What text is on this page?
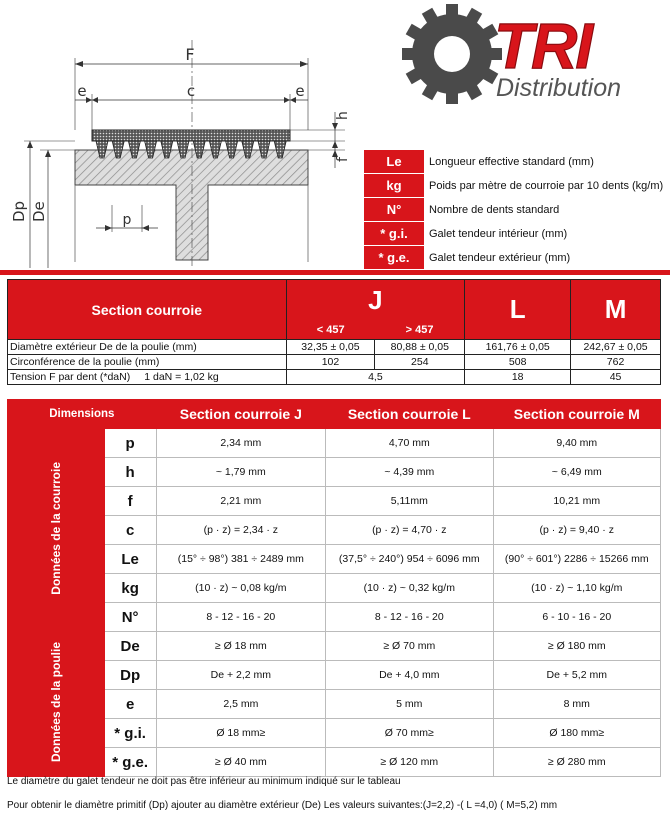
F
e	c	e
h
f
p
Dp De
TRI
Distribution
Le	Longueur effective standard (mm)
kg	Poids par mètre de courroie par 10 dents (kg/m)
N°	Nombre de dents standard
* g.i.	Galet tendeur intérieur (mm)
* g.e.	Galet tendeur extérieur (mm)
Section courroie	J		L	M
	< 457	> 457		
Diamètre extérieur De de la poulie (mm)	32,35 ± 0,05	80,88 ± 0,05	161,76 ± 0,05	242,67 ± 0,05
Circonférence de la poulie (mm)	102	254	508	762
Tension F par dent (*daN) 1 daN = 1,02 kg	4,5		18	45
Dimensions		Section courroie J	Section courroie L	Section courroie M
Données de la courroie	p	2,34 mm	4,70 mm	9,40 mm
	h	~ 1,79 mm	~ 4,39 mm	~ 6,49 mm
	f	2,21 mm	5,11mm	10,21 mm
	c	(p · z) = 2,34 · z	(p · z) = 4,70 · z	(p · z) = 9,40 · z
	Le	(15° ÷ 98°) 381 ÷ 2489 mm	(37,5° ÷ 240°) 954 ÷ 6096 mm	(90° ÷ 601°) 2286 ÷ 15266 mm
	kg	(10 · z) ~ 0,08 kg/m	(10 · z) ~ 0,32 kg/m	(10 · z) ~ 1,10 kg/m
	N°	8 - 12 - 16 - 20	8 - 12 - 16 - 20	6 - 10 - 16 - 20
Données de la poulie	De	≥ Ø 18 mm	≥ Ø 70 mm	≥ Ø 180 mm
	Dp	De + 2,2 mm	De + 4,0 mm	De + 5,2 mm
	e	2,5 mm	5 mm	8 mm
	* g.i.	Ø 18 mm≥	Ø 70 mm≥	Ø 180 mm≥
	* g.e.	≥ Ø 40 mm	≥ Ø 120 mm	≥ Ø 280 mm
Le diamètre du galet tendeur ne doit pas être inférieur au minimum indiqué sur le tableau
Pour obtenir le diamètre primitif (Dp) ajouter au diamètre extérieur (De) Les valeurs suivantes:(J=2,2) -( L =4,0) ( M=5,2) mm
